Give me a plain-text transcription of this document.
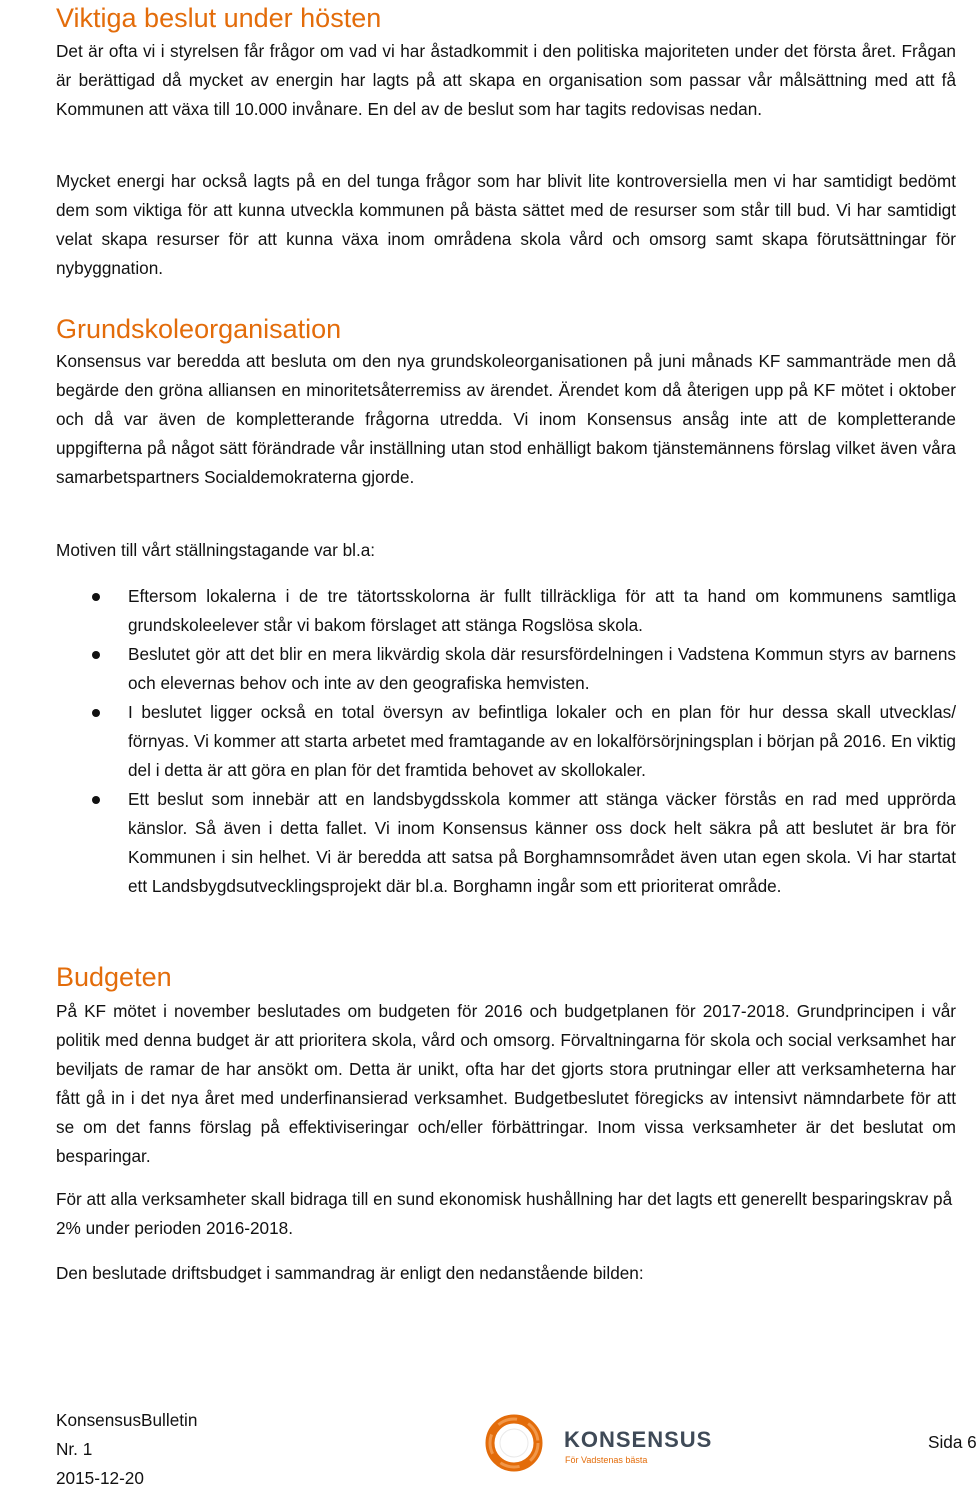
Viktiga beslut under hösten

Det är ofta vi i styrelsen får frågor om vad vi har åstadkommit i den politiska majoriteten under det första året. Frågan är berättigad då mycket av energin har lagts på att skapa en organisation som passar vår målsättning med att få Kommunen att växa till 10.000 invånare. En del av de beslut som har tagits redovisas nedan.

Mycket energi har också lagts på en del tunga frågor som har blivit lite kontroversiella men vi har samtidigt bedömt dem som viktiga för att kunna utveckla kommunen på bästa sättet med de resurser som står till bud. Vi har samtidigt velat skapa resurser för att kunna växa inom områdena skola vård och omsorg samt skapa förutsättningar för nybyggnation.

Grundskoleorganisation

Konsensus var beredda att besluta om den nya grundskoleorganisationen på juni månads KF sammanträde men då begärde den gröna alliansen en minoritetsåterremiss av ärendet. Ärendet kom då återigen upp på KF mötet i oktober och då var även de kompletterande frågorna utredda. Vi inom Konsensus ansåg inte att de kompletterande uppgifterna på något sätt förändrade vår inställning utan stod enhälligt bakom tjänstemännens förslag vilket även våra samarbetspartners Socialdemokraterna gjorde.

Motiven till vårt ställningstagande var bl.a:

Eftersom lokalerna i de tre tätortsskolorna är fullt tillräckliga för att ta hand om kommunens samtliga grundskoleelever står vi bakom förslaget att stänga Rogslösa skola.
Beslutet gör att det blir en mera likvärdig skola där resursfördelningen i Vadstena Kommun styrs av barnens och elevernas behov och inte av den geografiska hemvisten.
I beslutet ligger också en total översyn av befintliga lokaler och en plan för hur dessa skall utvecklas/ förnyas. Vi kommer att starta arbetet med framtagande av en lokalförsörjningsplan i början på 2016. En viktig del i detta är att göra en plan för det framtida behovet av skollokaler.
Ett beslut som innebär att en landsbygdsskola kommer att stänga väcker förstås en rad med upprörda känslor. Så även i detta fallet. Vi inom Konsensus känner oss dock helt säkra på att beslutet är bra för Kommunen i sin helhet. Vi är beredda att satsa på Borghamnsområdet även utan egen skola. Vi har startat ett Landsbygdsutvecklingsprojekt där bl.a. Borghamn ingår som ett prioriterat område.
Budgeten

På KF mötet i november beslutades om budgeten för 2016 och budgetplanen för 2017-2018. Grundprincipen i vår politik med denna budget är att prioritera skola, vård och omsorg. Förvaltningarna för skola och social verksamhet har beviljats de ramar de har ansökt om. Detta är unikt, ofta har det gjorts stora prutningar eller att verksamheterna har fått gå in i det nya året med underfinansierad verksamhet. Budgetbeslutet föregicks av intensivt nämndarbete för att se om det fanns förslag på effektiviseringar och/eller förbättringar. Inom vissa verksamheter är det beslutat om besparingar.

För att alla verksamheter skall bidraga till en sund ekonomisk hushållning har det lagts ett generellt besparingskrav på 2% under perioden 2016-2018.

Den beslutade driftsbudget i sammandrag är enligt den nedanstående bilden:

KonsensusBulletin
Nr. 1
2015-12-20
KONSENSUS
För Vadstenas bästa
Sida 6
